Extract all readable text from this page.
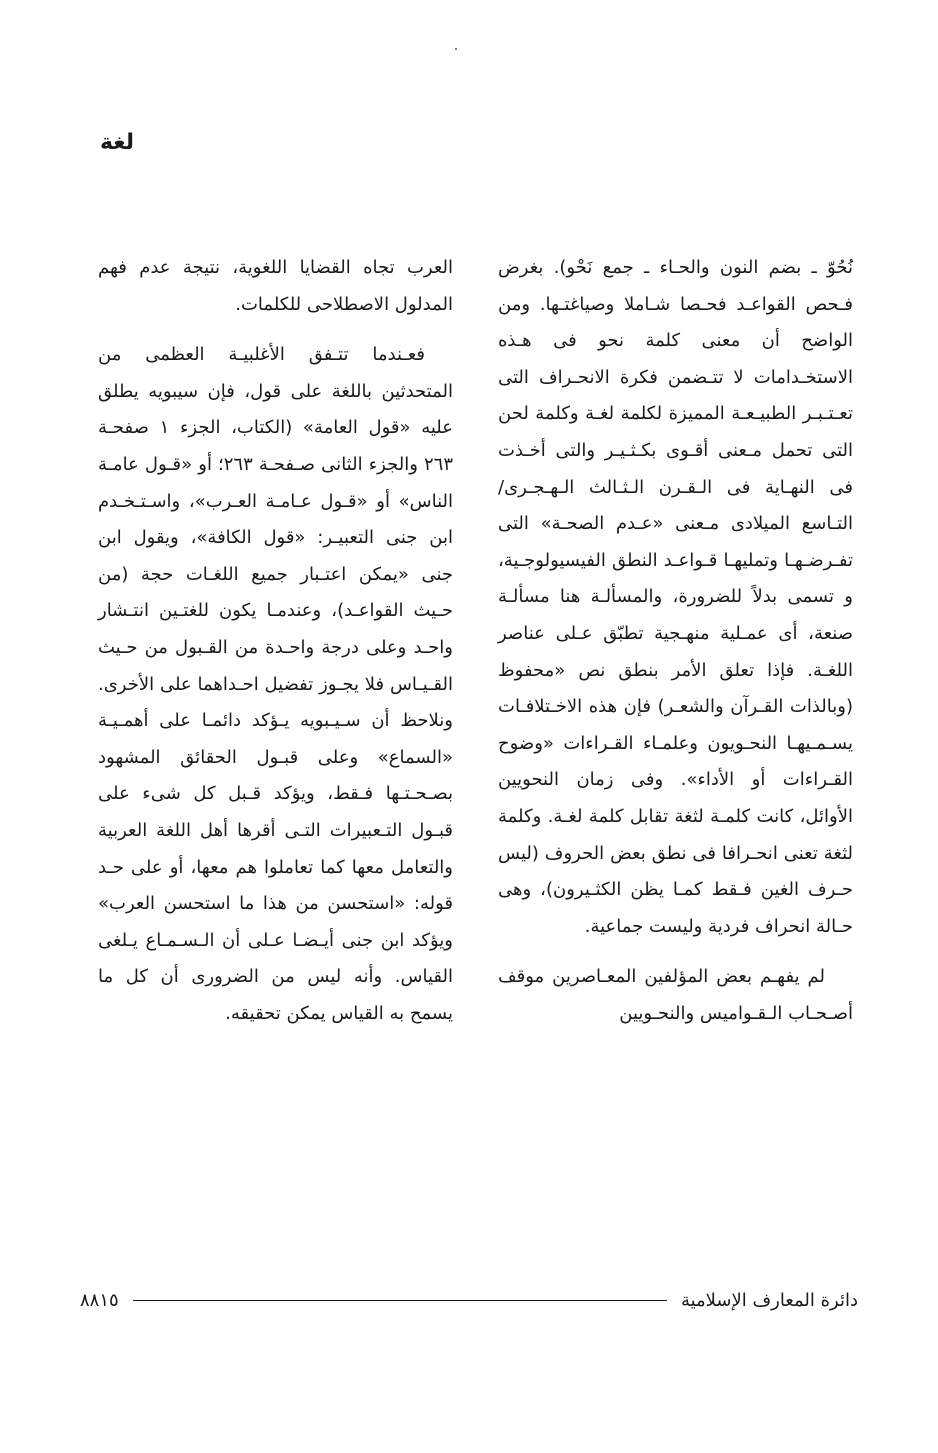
لغة

نُحُوّ ـ بضم النون والحـاء ـ جمع نَحْو). بغرض فـحص القواعـد فحـصا شـاملا وصياغتـها. ومن الواضح أن معنى كلمة نحو فى هـذه الاستخـدامات لا تتـضمن فكرة الانحـراف التى تعـتـبـر الطبيـعـة المميزة لكلمة لغـة وكلمة لحن التى تحمل مـعنى أقـوى بكـثـيـر والتى أخـذت فى النهـاية فى الـقـرن الـثـالث الـهـجـرى/ التـاسع الميلادى مـعنى «عـدم الصحـة» التى تفـرضـهـا وتمليهـا قـواعـد النطق الفيسيولوجـية، و تسمى بدلاً للضرورة، والمسألـة هنا مسألـة صنعة، أى عمـلية منهـجية تطبّق عـلى عناصر اللغـة. فإذا تعلق الأمر بنطق نص «محفوظ (وبالذات القـرآن والشعـر) فإن هذه الاخـتلافـات يسـمـيهـا النحـويون وعلمـاء القـراءات «وضوح القـراءات أو الأداء». وفى زمان النحويين الأوائل، كانت كلمـة لثغة تقابل كلمة لغـة. وكلمة لثغة تعنى انحـرافا فى نطق بعض الحروف (ليس حـرف الغين فـقط كمـا يظن الكثـيرون)، وهى حـالة انحراف فردية وليست جماعية.

لم يفهـم بعض المؤلفين المعـاصرين موقف أصـحـاب الـقـواميس والنحـويين

العرب تجاه القضايا اللغوية، نتيجة عدم فهم المدلول الاصطلاحى للكلمات.

فعـندما تتـفق الأغلبيـة العظمى من المتحدثين باللغة على قول، فإن سيبويه يطلق عليه «قول العامة» (الكتاب، الجزء ١ صفحـة ٢٦٣ والجزء الثانى صـفحـة ٢٦٣؛ أو «قـول عامـة الناس» أو «قـول عـامـة العـرب»، واسـتـخـدم ابن جنى التعبيـر: «قول الكافة»، ويقول ابن جنى «يمكن اعتـبار جميع اللغـات حجة (من حـيث القواعـد)، وعندمـا يكون للغتـين انتـشار واحـد وعلى درجة واحـدة من القـبول من حـيث القـيـاس فلا يجـوز تفضيل احـداهما على الأخرى. ونلاحظ أن سـيـبويه يـؤكد دائمـا على أهمـيـة «السماع» وعلى قبـول الحقائق المشهود بصـحـتـها فـقط، ويؤكد قـبل كل شىء على قبـول التـعبيرات التـى أقرها أهل اللغة العربية والتعامل معها كما تعاملوا هم معها، أو على حـد قوله: «استحسن من هذا ما استحسن العرب» ويؤكد ابن جنى أيـضـا عـلى أن الـسـمـاع يـلغى القياس. وأنه ليس من الضرورى أن كل ما يسمح به القياس يمكن تحقيقه.

دائرة المعارف الإسلامية
٨٨١٥
